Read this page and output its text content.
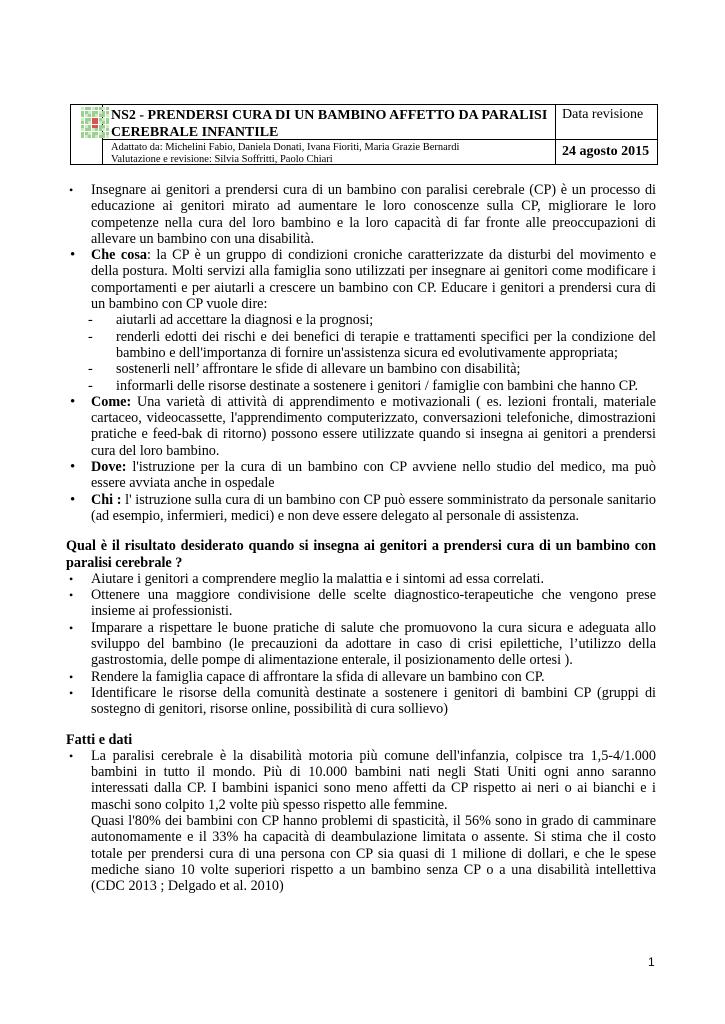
NS2 - PRENDERSI CURA DI UN BAMBINO AFFETTO DA PARALISI CEREBRALE INFANTILE
Adattato da: Michelini Fabio, Daniela Donati, Ivana Fioriti, Maria Grazie Bernardi
Valutazione e revisione: Silvia Soffritti, Paolo Chiari
Data revisione
24 agosto 2015
• Insegnare ai genitori a prendersi cura di un bambino con paralisi cerebrale (CP) è un processo di educazione ai genitori mirato ad aumentare le loro conoscenze sulla CP, migliorare le loro competenze nella cura del loro bambino e la loro capacità di far fronte alle preoccupazioni di allevare un bambino con una disabilità.
• Che cosa: la CP è un gruppo di condizioni croniche caratterizzate da disturbi del movimento e della postura. Molti servizi alla famiglia sono utilizzati per insegnare ai genitori come modificare i comportamenti e per aiutarli a crescere un bambino con CP. Educare i genitori a prendersi cura di un bambino con CP vuole dire:
- aiutarli ad accettare la diagnosi e la prognosi;
- renderli edotti dei rischi e dei benefici di terapie e trattamenti specifici per la condizione del bambino e dell'importanza di fornire un'assistenza sicura ed evolutivamente appropriata;
- sostenerli nell’ affrontare le sfide di allevare un bambino con disabilità;
- informarli delle risorse destinate a sostenere i genitori / famiglie con bambini che hanno CP.
• Come: Una varietà di attività di apprendimento e motivazionali ( es. lezioni frontali, materiale cartaceo, videocassette, l'apprendimento computerizzato, conversazioni telefoniche, dimostrazioni pratiche e feed-bak di ritorno) possono essere utilizzate quando si insegna ai genitori a prendersi cura del loro bambino.
• Dove: l'istruzione per la cura di un bambino con CP avviene nello studio del medico, ma può essere avviata anche in ospedale
• Chi : l' istruzione sulla cura di un bambino con CP può essere somministrato da personale sanitario (ad esempio, infermieri, medici) e non deve essere delegato al personale di assistenza.
Qual è il risultato desiderato quando si insegna ai genitori a prendersi cura di un bambino con paralisi cerebrale ?
• Aiutare i genitori a comprendere meglio la malattia e i sintomi ad essa correlati.
• Ottenere una maggiore condivisione delle scelte diagnostico-terapeutiche che vengono prese insieme ai professionisti.
• Imparare a rispettare le buone pratiche di salute che promuovono la cura sicura e adeguata allo sviluppo del bambino (le precauzioni da adottare in caso di crisi epilettiche, l’utilizzo della gastrostomia, delle pompe di alimentazione enterale, il posizionamento delle ortesi ).
• Rendere la famiglia capace di affrontare la sfida di allevare un bambino con CP.
• Identificare le risorse della comunità destinate a sostenere i genitori di bambini CP (gruppi di sostegno di genitori, risorse online, possibilità di cura sollievo)
Fatti e dati
• La paralisi cerebrale è la disabilità motoria più comune dell'infanzia, colpisce tra 1,5-4/1.000 bambini in tutto il mondo. Più di 10.000 bambini nati negli Stati Uniti ogni anno saranno interessati dalla CP. I bambini ispanici sono meno affetti da CP rispetto ai neri o ai bianchi e i maschi sono colpito 1,2 volte più spesso rispetto alle femmine.
Quasi l'80% dei bambini con CP hanno problemi di spasticità, il 56% sono in grado di camminare autonomamente e il 33% ha capacità di deambulazione limitata o assente. Si stima che il costo totale per prendersi cura di una persona con CP sia quasi di 1 milione di dollari, e che le spese mediche siano 10 volte superiori rispetto a un bambino senza CP o a una disabilità intellettiva (CDC 2013 ; Delgado et al. 2010)
1
